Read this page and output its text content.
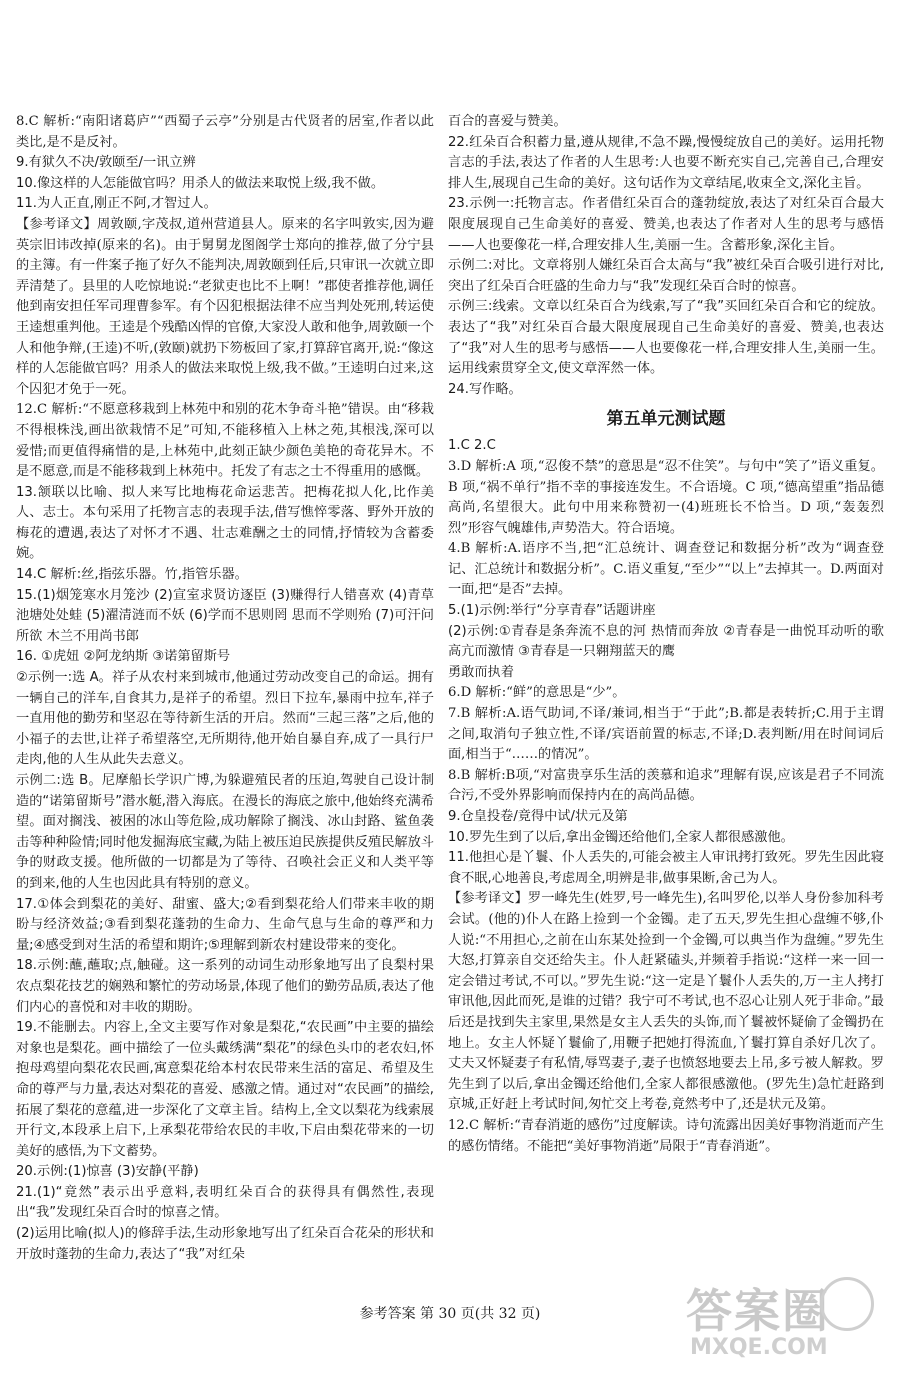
8.C 解析:“南阳诸葛庐”“西蜀子云亭”分别是古代贤者的居室,作者以此类比,是不是反衬。

9.有狱久不决/敦颐至/一讯立辨

10.像这样的人怎能做官吗？用杀人的做法来取悦上级,我不做。

11.为人正直,刚正不阿,才智过人。

【参考译文】周敦颐,字茂叔,道州营道县人。原来的名字叫敦实,因为避英宗旧讳改掉(原来的名)。由于舅舅龙图阁学士郑向的推荐,做了分宁县的主簿。有一件案子拖了好久不能判决,周敦颐到任后,只审讯一次就立即弄清楚了。县里的人吃惊地说:“老狱吏也比不上啊！”郡使者推荐他,调任他到南安担任军司理曹参军。有个囚犯根据法律不应当判处死刑,转运使王逵想重判他。王逵是个残酷凶悍的官僚,大家没人敢和他争,周敦颐一个人和他争辩,(王逵)不听,(敦颐)就扔下笏板回了家,打算辞官离开,说:“像这样的人怎能做官吗？用杀人的做法来取悦上级,我不做。”王逵明白过来,这个囚犯才免于一死。

12.C 解析:“不愿意移栽到上林苑中和别的花木争奇斗艳”错误。由“移栽不得根株浅,画出欲栽情不足”可知,不能移植入上林之苑,其根浅,深可以爱惜;而更值得痛惜的是,上林苑中,此刻正缺少颜色美艳的奇花异木。不是不愿意,而是不能移栽到上林苑中。托发了有志之士不得重用的感慨。

13.颔联以比喻、拟人来写比地梅花命运悲苦。把梅花拟人化,比作美人、志士。本句采用了托物言志的表现手法,借写憔悴零落、野外开放的梅花的遭遇,表达了对怀才不遇、壮志难酬之士的同情,抒情较为含蓄委婉。

14.C 解析:丝,指弦乐器。竹,指管乐器。

15.(1)烟笼寒水月笼沙 (2)宣室求贤访逐臣 (3)赚得行人错喜欢 (4)青草池塘处处蛙 (5)濯清涟而不妖 (6)学而不思则罔 思而不学则殆 (7)可汗问所欲 木兰不用尚书郎

16. ①虎妞 ②阿龙纳斯 ③诺第留斯号

②示例一:选 A。祥子从农村来到城市,他通过劳动改变自己的命运。拥有一辆自己的洋车,自食其力,是祥子的希望。烈日下拉车,暴雨中拉车,祥子一直用他的勤劳和坚忍在等待新生活的开启。然而“三起三落”之后,他的小福子的去世,让祥子希望落空,无所期待,他开始自暴自弃,成了一具行尸走肉,他的人生从此失去意义。

示例二:选 B。尼摩船长学识广博,为躲避殖民者的压迫,驾驶自己设计制造的“诺第留斯号”潜水艇,潜入海底。在漫长的海底之旅中,他始终充满希望。面对搁浅、被困的冰山等危险,成功解除了搁浅、冰山封路、鲨鱼袭击等种种险情;同时他发掘海底宝藏,为陆上被压迫民族提供反殖民解放斗争的财政支援。他所做的一切都是为了等待、召唤社会正义和人类平等的到来,他的人生也因此具有特别的意义。

17.①体会到梨花的美好、甜蜜、盛大;②看到梨花给人们带来丰收的期盼与经济效益;③看到梨花蓬勃的生命力、生命气息与生命的尊严和力量;④感受到对生活的希望和期许;⑤理解到新农村建设带来的变化。

18.示例:蘸,蘸取;点,触碰。这一系列的动词生动形象地写出了良梨村果农点梨花技艺的娴熟和繁忙的劳动场景,体现了他们的勤劳品质,表达了他们内心的喜悦和对丰收的期盼。

19.不能删去。内容上,全文主要写作对象是梨花,“农民画”中主要的描绘对象也是梨花。画中描绘了一位头戴绣满“梨花”的绿色头巾的老农妇,怀抱母鸡望向梨花农民画,寓意梨花给本村农民带来生活的富足、希望及生命的尊严与力量,表达对梨花的喜爱、感激之情。通过对“农民画”的描绘,拓展了梨花的意蕴,进一步深化了文章主旨。结构上,全文以梨花为线索展开行文,本段承上启下,上承梨花带给农民的丰收,下启由梨花带来的一切美好的感悟,为下文蓄势。

20.示例:(1)惊喜 (3)安静(平静)

21.(1)“竟然”表示出乎意料,表明红朵百合的获得具有偶然性,表现出“我”发现红朵百合时的惊喜之情。

(2)运用比喻(拟人)的修辞手法,生动形象地写出了红朵百合花朵的形状和开放时蓬勃的生命力,表达了“我”对红朵

百合的喜爱与赞美。

22.红朵百合积蓄力量,遵从规律,不急不躁,慢慢绽放自己的美好。运用托物言志的手法,表达了作者的人生思考:人也要不断充实自己,完善自己,合理安排人生,展现自己生命的美好。这句话作为文章结尾,收束全文,深化主旨。

23.示例一:托物言志。作者借红朵百合的蓬勃绽放,表达了对红朵百合最大限度展现自己生命美好的喜爱、赞美,也表达了作者对人生的思考与感悟——人也要像花一样,合理安排人生,美丽一生。含蓄形象,深化主旨。

示例二:对比。文章将别人嫌红朵百合太高与“我”被红朵百合吸引进行对比,突出了红朵百合旺盛的生命力与“我”发现红朵百合时的惊喜。

示例三:线索。文章以红朵百合为线索,写了“我”买回红朵百合和它的绽放。表达了“我”对红朵百合最大限度展现自己生命美好的喜爱、赞美,也表达了“我”对人生的思考与感悟——人也要像花一样,合理安排人生,美丽一生。运用线索贯穿全文,使文章浑然一体。

24.写作略。

第五单元测试题

1.C 2.C

3.D 解析:A 项,“忍俊不禁”的意思是“忍不住笑”。与句中“笑了”语义重复。B 项,“祸不单行”指不幸的事接连发生。不合语境。C 项,“德高望重”指品德高尚,名望很大。此句中用来称赞初一(4)班班长不恰当。D 项,“轰轰烈烈”形容气魄雄伟,声势浩大。符合语境。

4.B 解析:A.语序不当,把“汇总统计、调查登记和数据分析”改为“调查登记、汇总统计和数据分析”。C.语义重复,“至少”“以上”去掉其一。D.两面对一面,把“是否”去掉。

5.(1)示例:举行“分享青春”话题讲座

(2)示例:①青春是条奔流不息的河 热情而奔放 ②青春是一曲悦耳动听的歌 高亢而激情 ③青春是一只翱翔蓝天的鹰

勇敢而执着

6.D 解析:“鲜”的意思是“少”。

7.B 解析:A.语气助词,不译/兼词,相当于“于此”;B.都是表转折;C.用于主谓之间,取消句子独立性,不译/宾语前置的标志,不译;D.表判断/用在时间词后面,相当于“……的情况”。

8.B 解析:B项,“对富贵享乐生活的羡慕和追求”理解有误,应该是君子不同流合污,不受外界影响而保持内在的高尚品德。

9.仓皇投卷/竟得中试/状元及第

10.罗先生到了以后,拿出金镯还给他们,全家人都很感激他。

11.他担心是丫鬟、仆人丢失的,可能会被主人审讯拷打致死。罗先生因此寝食不眠,心地善良,考虑周全,明辨是非,做事果断,舍己为人。

【参考译文】罗一峰先生(姓罗,号一峰先生),名叫罗伦,以举人身份参加科考会试。(他的)仆人在路上捡到一个金镯。走了五天,罗先生担心盘缠不够,仆人说:“不用担心,之前在山东某处捡到一个金镯,可以典当作为盘缠。”罗先生大怒,打算亲自交还给失主。仆人赶紧磕头,并频着手指说:“这样一来一回一定会错过考试,不可以。”罗先生说:“这一定是丫鬟仆人丢失的,万一主人拷打审讯他,因此而死,是谁的过错？我宁可不考试,也不忍心让别人死于非命。”最后还是找到失主家里,果然是女主人丢失的头饰,而丫鬟被怀疑偷了金镯扔在地上。女主人怀疑丫鬟偷了,用鞭子把她打得流血,丫鬟打算自杀好几次了。丈夫又怀疑妻子有私情,辱骂妻子,妻子也愤怒地要去上吊,多亏被人解救。罗先生到了以后,拿出金镯还给他们,全家人都很感激他。(罗先生)急忙赶路到京城,正好赶上考试时间,匆忙交上考卷,竟然考中了,还是状元及第。

12.C 解析:“青春消逝的感伤”过度解读。诗句流露出因美好事物消逝而产生的感伤情绪。不能把“美好事物消逝”局限于“青春消逝”。

参考答案 第 30 页(共 32 页)	答案圈
MXQE.COM
